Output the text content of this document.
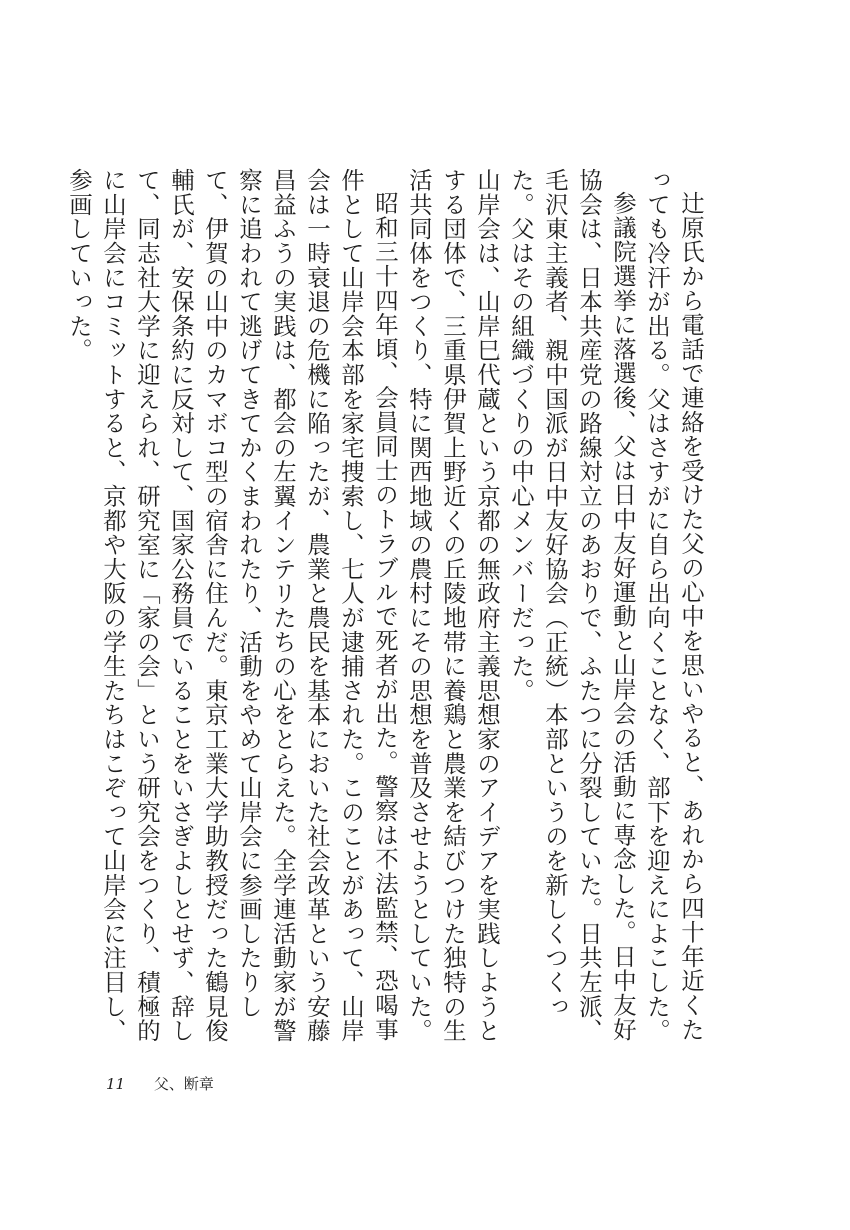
辻原氏から電話で連絡を受けた父の心中を思いやると、あれから四十年近くたっても冷汗が出る。父はさすがに自ら出向くことなく、部下を迎えによこした。

参議院選挙に落選後、父は日中友好運動と山岸会の活動に専念した。日中友好協会は、日本共産党の路線対立のあおりで、ふたつに分裂していた。日共左派、毛沢東主義者、親中国派が日中友好協会（正統）本部というのを新しくつくった。父はその組織づくりの中心メンバーだった。

山岸会は、山岸巳代蔵という京都の無政府主義思想家のアイデアを実践しようとする団体で、三重県伊賀上野近くの丘陵地帯に養鶏と農業を結びつけた独特の生活共同体をつくり、特に関西地域の農村にその思想を普及させようとしていた。

昭和三十四年頃、会員同士のトラブルで死者が出た。警察は不法監禁、恐喝事件として山岸会本部を家宅捜索し、七人が逮捕された。このことがあって、山岸会は一時衰退の危機に陥ったが、農業と農民を基本においた社会改革という安藤昌益ふうの実践は、都会の左翼インテリたちの心をとらえた。全学連活動家が警察に追われて逃げてきてかくまわれたり、活動をやめて山岸会に参画したりして、伊賀の山中のカマボコ型の宿舎に住んだ。東京工業大学助教授だった鶴見俊輔氏が、安保条約に反対して、国家公務員でいることをいさぎよしとせず、辞して、同志社大学に迎えられ、研究室に「家の会」という研究会をつくり、積極的に山岸会にコミットすると、京都や大阪の学生たちはこぞって山岸会に注目し、参画していった。

11 父、断章
